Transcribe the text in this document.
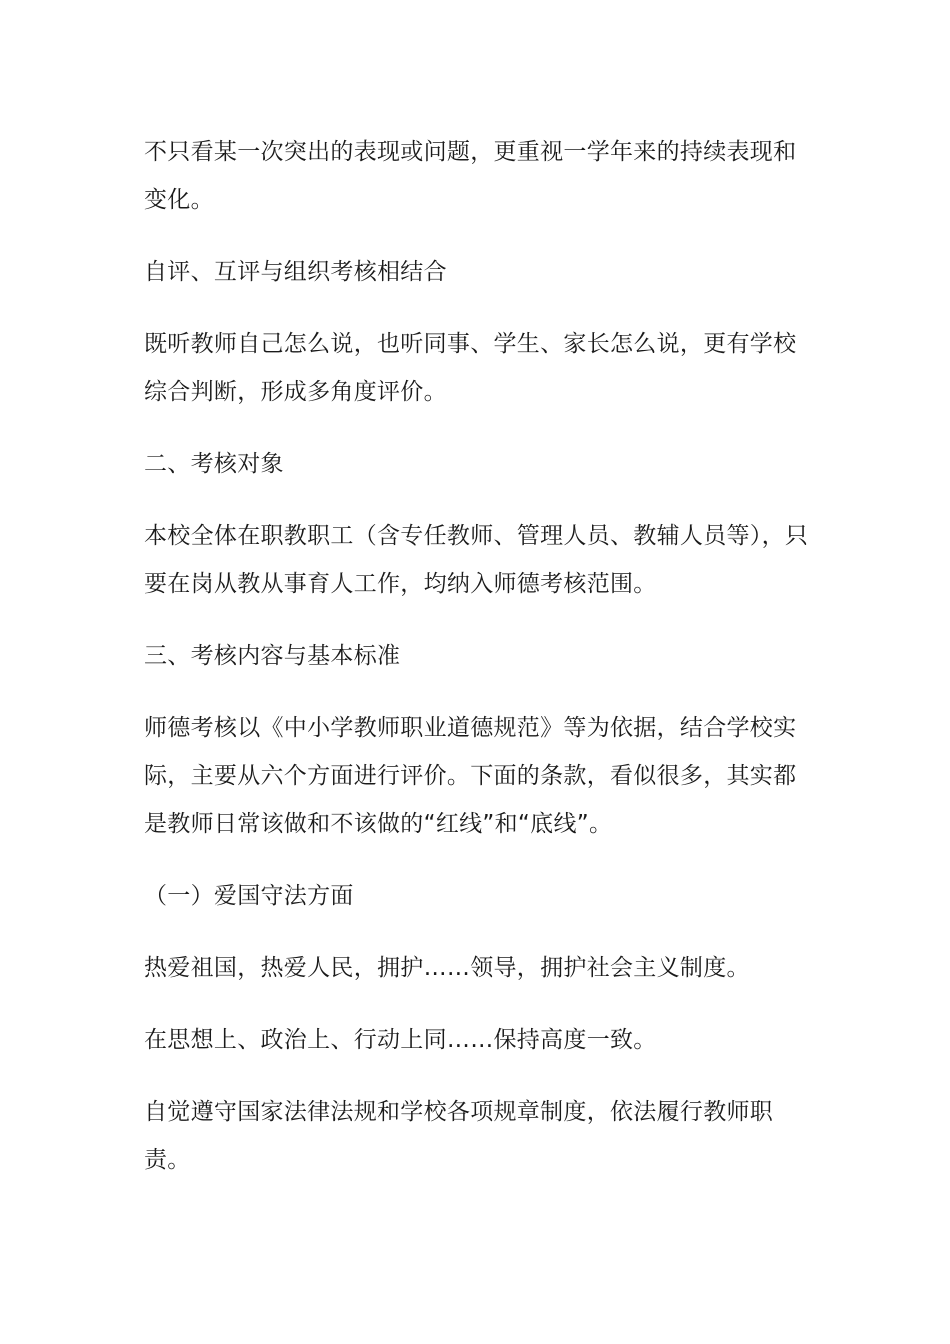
不只看某一次突出的表现或问题，更重视一学年来的持续表现和变化。

自评、互评与组织考核相结合

既听教师自己怎么说，也听同事、学生、家长怎么说，更有学校综合判断，形成多角度评价。

二、考核对象

本校全体在职教职工（含专任教师、管理人员、教辅人员等），只要在岗从教从事育人工作，均纳入师德考核范围。

三、考核内容与基本标准

师德考核以《中小学教师职业道德规范》等为依据，结合学校实际，主要从六个方面进行评价。下面的条款，看似很多，其实都是教师日常该做和不该做的“红线”和“底线”。

（一）爱国守法方面

热爱祖国，热爱人民，拥护……领导，拥护社会主义制度。

在思想上、政治上、行动上同……保持高度一致。

自觉遵守国家法律法规和学校各项规章制度，依法履行教师职责。
